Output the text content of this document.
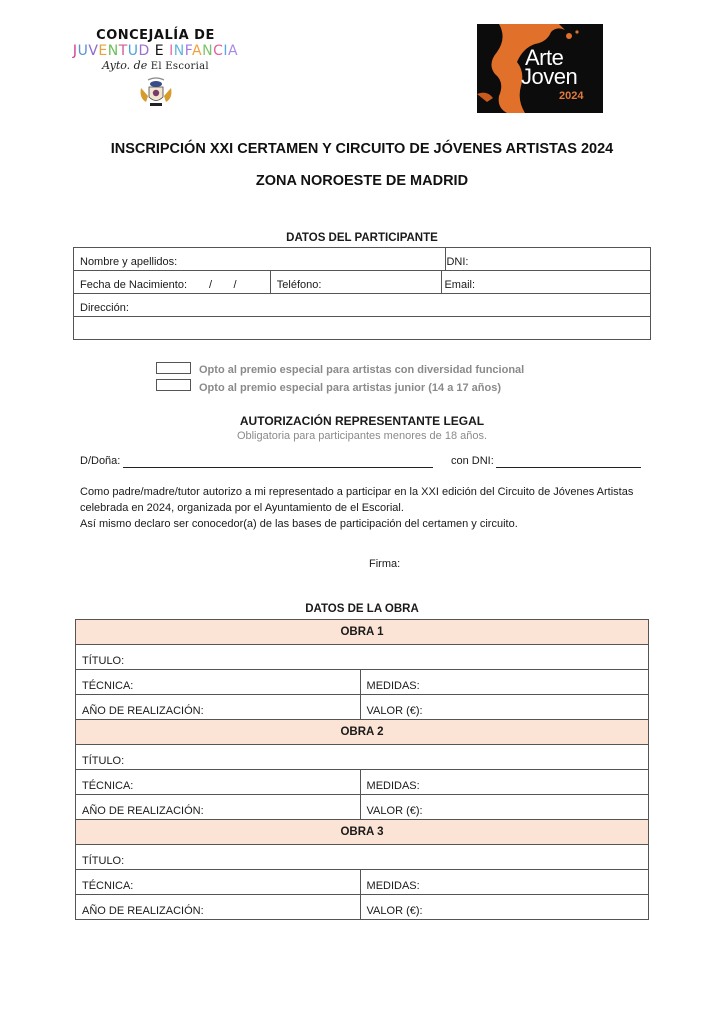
CONCEJALÍA DE
JUVENTUD E INFANCIA
Ayto. de El Escorial	Arte
Joven
2024
INSCRIPCIÓN XXI CERTAMEN Y CIRCUITO DE JÓVENES ARTISTAS 2024
ZONA NOROESTE DE MADRID
DATOS DEL PARTICIPANTE
Nombre y apellidos:			DNI:
Fecha de Nacimiento: /       /	Teléfono:	Email:	
Dirección:			

Opto al premio especial para artistas con diversidad funcional
Opto al premio especial para artistas junior (14 a 17 años)
AUTORIZACIÓN REPRESENTANTE LEGAL
Obligatoria para participantes menores de 18 años.
D/Doña:	con DNI:
Como padre/madre/tutor autorizo a mi representado a participar en la XXI edición del Circuito de Jóvenes Artistas
celebrada en 2024, organizada por el Ayuntamiento de el Escorial.
Así mismo declaro ser conocedor(a) de las bases de participación del certamen y circuito.
Firma:
DATOS DE LA OBRA
OBRA 1	
TÍTULO:	
TÉCNICA:	MEDIDAS:
AÑO DE REALIZACIÓN:	VALOR (€):
OBRA 2	
TÍTULO:	
TÉCNICA:	MEDIDAS:
AÑO DE REALIZACIÓN:	VALOR (€):
OBRA 3	
TÍTULO:	
TÉCNICA:	MEDIDAS:
AÑO DE REALIZACIÓN:	VALOR (€):
